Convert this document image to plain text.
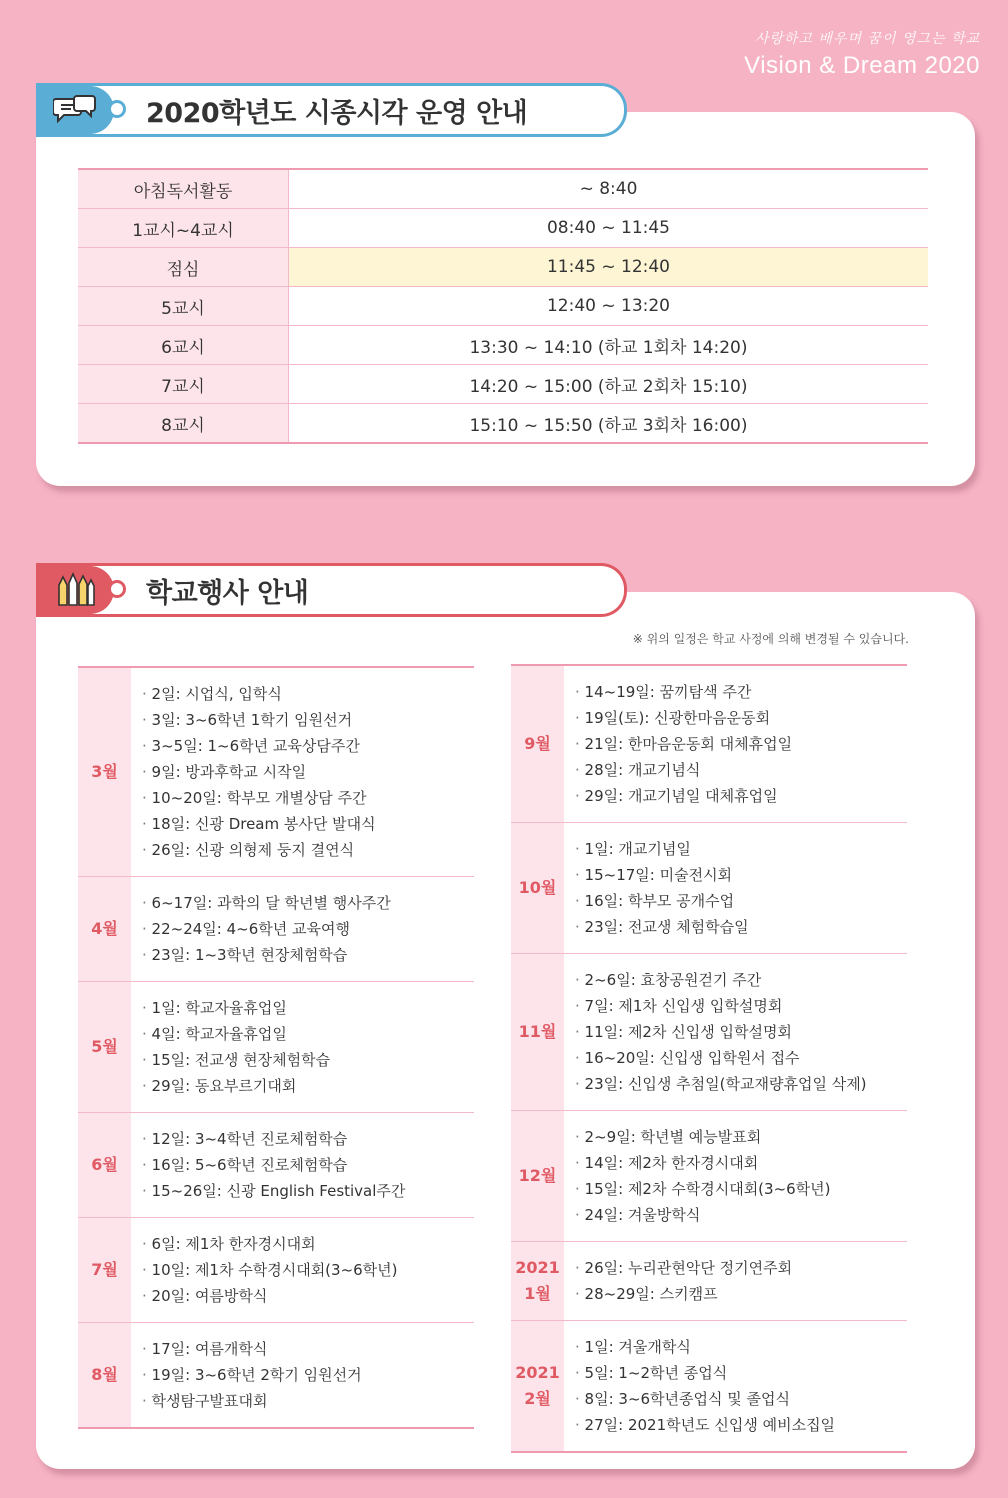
사랑하고 배우며 꿈이 영그는 학교
Vision & Dream 2020
2020학년도 시종시각 운영 안내
아침독서활동	~ 8:40
1교시~4교시	08:40 ~ 11:45
점심	11:45 ~ 12:40
5교시	12:40 ~ 13:20
6교시	13:30 ~ 14:10 (하교 1회차 14:20)
7교시	14:20 ~ 15:00 (하교 2회차 15:10)
8교시	15:10 ~ 15:50 (하교 3회차 16:00)
학교행사 안내
※ 위의 일정은 학교 사정에 의해 변경될 수 있습니다.
3월
· 2일: 시업식, 입학식
· 3일: 3~6학년 1학기 임원선거
· 3~5일: 1~6학년 교육상담주간
· 9일: 방과후학교 시작일
· 10~20일: 학부모 개별상담 주간
· 18일: 신광 Dream 봉사단 발대식
· 26일: 신광 의형제 둥지 결연식
4월
· 6~17일: 과학의 달 학년별 행사주간
· 22~24일: 4~6학년 교육여행
· 23일: 1~3학년 현장체험학습
5월
· 1일: 학교자율휴업일
· 4일: 학교자율휴업일
· 15일: 전교생 현장체험학습
· 29일: 동요부르기대회
6월
· 12일: 3~4학년 진로체험학습
· 16일: 5~6학년 진로체험학습
· 15~26일: 신광 English Festival주간
7월
· 6일: 제1차 한자경시대회
· 10일: 제1차 수학경시대회(3~6학년)
· 20일: 여름방학식
8월
· 17일: 여름개학식
· 19일: 3~6학년 2학기 임원선거
· 학생탐구발표대회
9월
· 14~19일: 꿈끼탐색 주간
· 19일(토): 신광한마음운동회
· 21일: 한마음운동회 대체휴업일
· 28일: 개교기념식
· 29일: 개교기념일 대체휴업일
10월
· 1일: 개교기념일
· 15~17일: 미술전시회
· 16일: 학부모 공개수업
· 23일: 전교생 체험학습일
11월
· 2~6일: 효창공원걷기 주간
· 7일: 제1차 신입생 입학설명회
· 11일: 제2차 신입생 입학설명회
· 16~20일: 신입생 입학원서 접수
· 23일: 신입생 추첨일(학교재량휴업일 삭제)
12월
· 2~9일: 학년별 예능발표회
· 14일: 제2차 한자경시대회
· 15일: 제2차 수학경시대회(3~6학년)
· 24일: 겨울방학식
2021
1월
· 26일: 누리관현악단 정기연주회
· 28~29일: 스키캠프
2021
2월
· 1일: 겨울개학식
· 5일: 1~2학년 종업식
· 8일: 3~6학년종업식 및 졸업식
· 27일: 2021학년도 신입생 예비소집일
